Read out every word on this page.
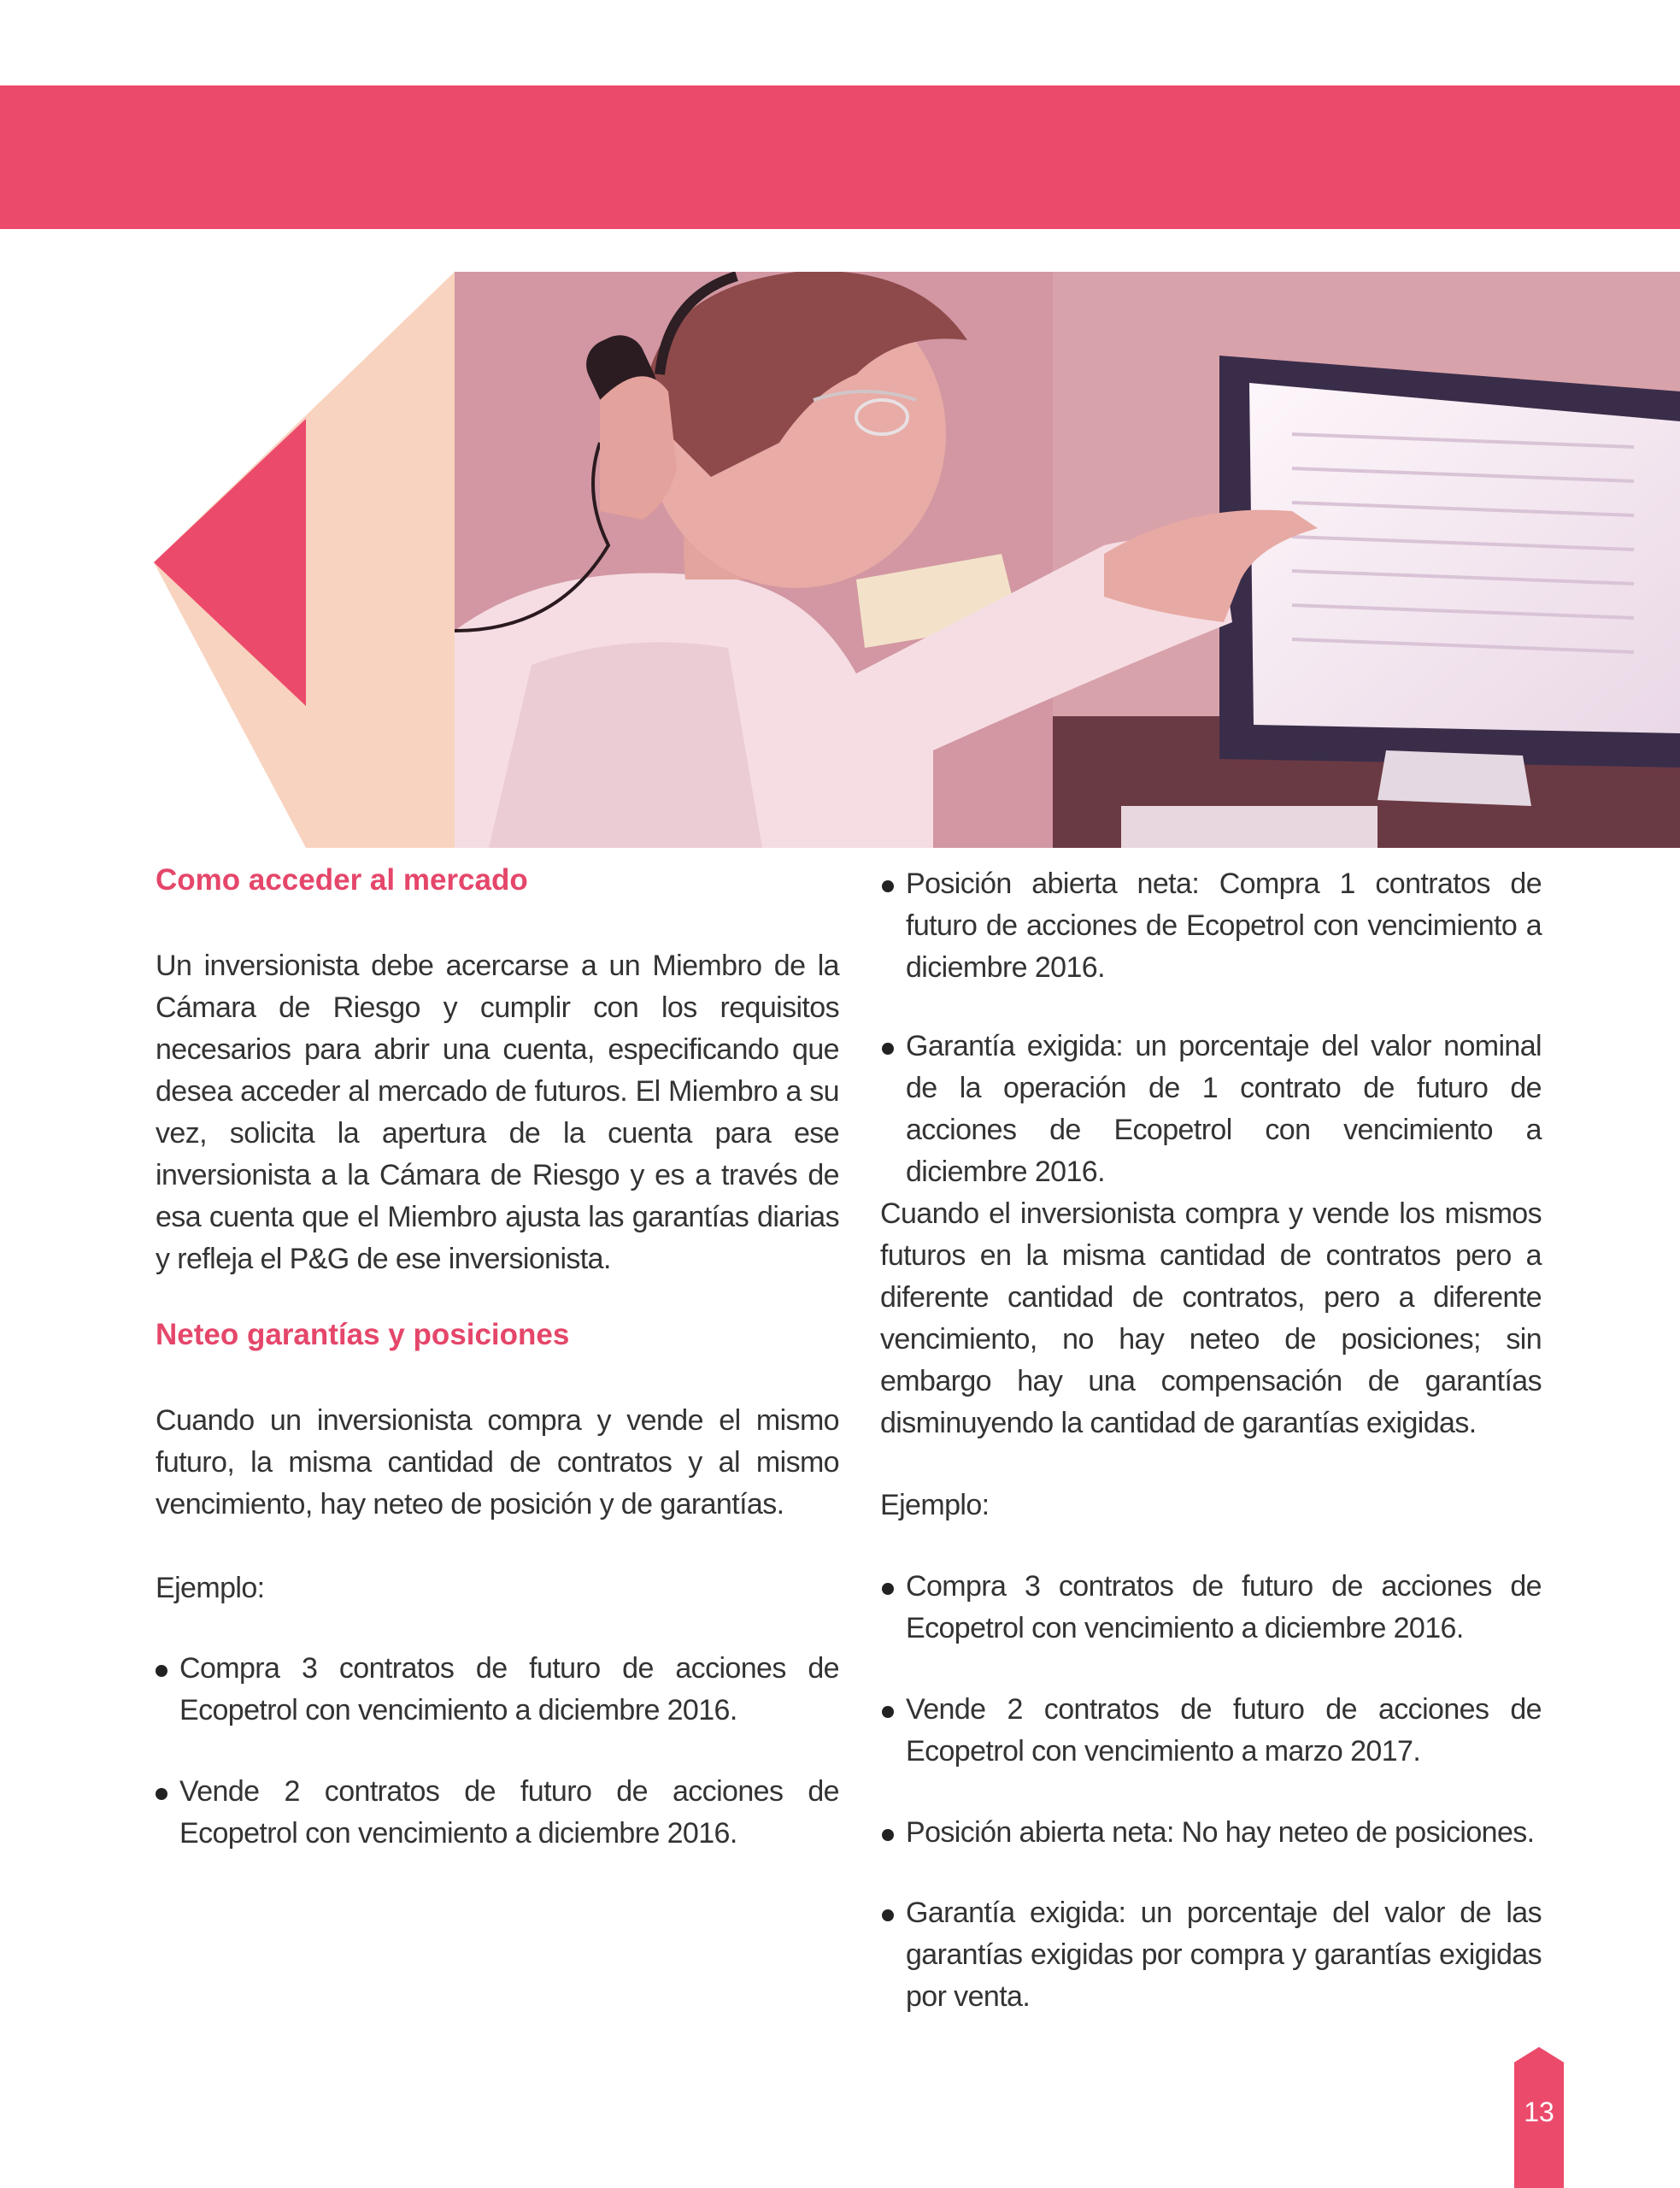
Como acceder al mercado

Un inversionista debe acercarse a un Miembro de la Cámara de Riesgo y cumplir con los requisitos necesarios para abrir una cuenta, especificando que desea acceder al mercado de futuros. El Miembro a su vez, solicita la apertura de la cuenta para ese inversionista a la Cámara de Riesgo y es a través de esa cuenta que el Miembro ajusta las garantías diarias y refleja el P&G de ese inversionista.

Neteo garantías y posiciones

Cuando un inversionista compra y vende el mismo futuro, la misma cantidad de contratos y al mismo vencimiento, hay neteo de posición y de garantías.

Ejemplo:

Compra 3 contratos de futuro de acciones de Ecopetrol con vencimiento a diciembre 2016.

Vende 2 contratos de futuro de acciones de Ecopetrol con vencimiento a diciembre 2016.

Posición abierta neta: Compra 1 contratos de futuro de acciones de Ecopetrol con vencimiento a diciembre 2016.

Garantía exigida: un porcentaje del valor nominal de la operación de 1 contrato de futuro de acciones de Ecopetrol con vencimiento a diciembre 2016.

Cuando el inversionista compra y vende los mismos futuros en la misma cantidad de contratos pero a diferente cantidad de contratos, pero a diferente vencimiento, no hay neteo de posiciones; sin embargo hay una compensación de garantías disminuyendo la cantidad de garantías exigidas.

Ejemplo:

Compra 3 contratos de futuro de acciones de Ecopetrol con vencimiento a diciembre 2016.

Vende 2 contratos de futuro de acciones de Ecopetrol con vencimiento a marzo 2017.

Posición abierta neta: No hay neteo de posiciones.

Garantía exigida: un porcentaje del valor de las garantías exigidas por compra y garantías exigidas por venta.

13
